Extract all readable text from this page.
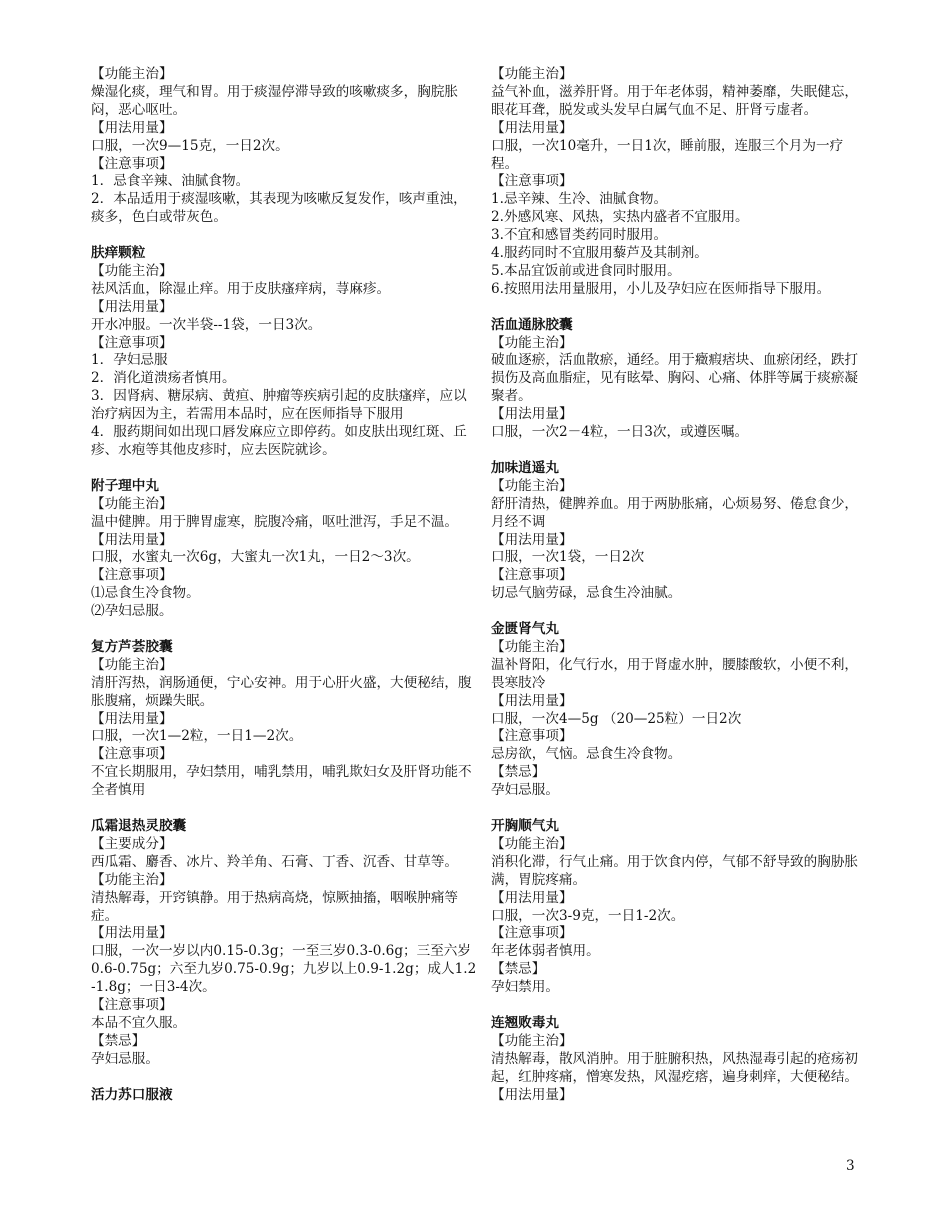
【功能主治】
燥湿化痰，理气和胃。用于痰湿停滞导致的咳嗽痰多，胸脘胀闷，恶心呕吐。
【用法用量】
口服，一次9—15克，一日2次。
【注意事项】
1．忌食辛辣、油腻食物。
2．本品适用于痰湿咳嗽，其表现为咳嗽反复发作，咳声重浊，痰多，色白或带灰色。
肤痒颗粒
【功能主治】
祛风活血，除湿止痒。用于皮肤瘙痒病，荨麻疹。
【用法用量】
开水冲服。一次半袋--1袋，一日3次。
【注意事项】
1．孕妇忌服
2．消化道溃疡者慎用。
3．因肾病、糖尿病、黄疸、肿瘤等疾病引起的皮肤瘙痒，应以治疗病因为主，若需用本品时，应在医师指导下服用
4．服药期间如出现口唇发麻应立即停药。如皮肤出现红斑、丘疹、水疱等其他皮疹时，应去医院就诊。
附子理中丸
【功能主治】
温中健脾。用于脾胃虚寒，脘腹冷痛，呕吐泄泻，手足不温。
【用法用量】
口服，水蜜丸一次6g，大蜜丸一次1丸，一日2～3次。
【注意事项】
⑴忌食生冷食物。
⑵孕妇忌服。
复方芦荟胶囊
【功能主治】
清肝泻热，润肠通便，宁心安神。用于心肝火盛，大便秘结，腹胀腹痛，烦躁失眠。
【用法用量】
口服，一次1—2粒，一日1—2次。
【注意事项】
不宜长期服用，孕妇禁用，哺乳禁用，哺乳欺妇女及肝肾功能不全者慎用
瓜霜退热灵胶囊
【主要成分】
西瓜霜、麝香、冰片、羚羊角、石膏、丁香、沉香、甘草等。
【功能主治】
清热解毒，开窍镇静。用于热病高烧，惊厥抽搐，咽喉肿痛等症。
【用法用量】
口服，一次一岁以内0.15-0.3g；一至三岁0.3-0.6g；三至六岁0.6-0.75g；六至九岁0.75-0.9g；九岁以上0.9-1.2g；成人1.2-1.8g；一日3-4次。
【注意事项】
本品不宜久服。
【禁忌】
孕妇忌服。
活力苏口服液
【功能主治】
益气补血，滋养肝肾。用于年老体弱，精神萎靡，失眠健忘，眼花耳聋，脱发或头发早白属气血不足、肝肾亏虚者。
【用法用量】
口服，一次10毫升，一日1次，睡前服，连服三个月为一疗程。
【注意事项】
1.忌辛辣、生冷、油腻食物。
2.外感风寒、风热，实热内盛者不宜服用。
3.不宜和感冒类药同时服用。
4.服药同时不宜服用藜芦及其制剂。
5.本品宜饭前或进食同时服用。
6.按照用法用量服用，小儿及孕妇应在医师指导下服用。
活血通脉胶囊
【功能主治】
破血逐瘀，活血散瘀，通经。用于癥瘕痞块、血瘀闭经，跌打损伤及高血脂症，见有眩晕、胸闷、心痛、体胖等属于痰瘀凝聚者。
【用法用量】
口服，一次2－4粒，一日3次，或遵医嘱。
加味逍遥丸
【功能主治】
舒肝清热，健脾养血。用于两胁胀痛，心烦易努、倦怠食少，月经不调
【用法用量】
口服，一次1袋，一日2次
【注意事项】
切忌气脑劳碌，忌食生冷油腻。
金匮肾气丸
【功能主治】
温补肾阳，化气行水，用于肾虚水肿，腰膝酸软，小便不利，畏寒肢冷
【用法用量】
口服，一次4—5g （20—25粒）一日2次
【注意事项】
忌房欲，气恼。忌食生冷食物。
【禁忌】
孕妇忌服。
开胸顺气丸
【功能主治】
消积化滞，行气止痛。用于饮食内停，气郁不舒导致的胸胁胀满，胃脘疼痛。
【用法用量】
口服，一次3-9克，一日1-2次。
【注意事项】
年老体弱者慎用。
【禁忌】
孕妇禁用。
连翘败毒丸
【功能主治】
清热解毒，散风消肿。用于脏腑积热，风热湿毒引起的疮疡初起，红肿疼痛，憎寒发热，风湿疙瘩，遍身刺痒，大便秘结。
【用法用量】
3
